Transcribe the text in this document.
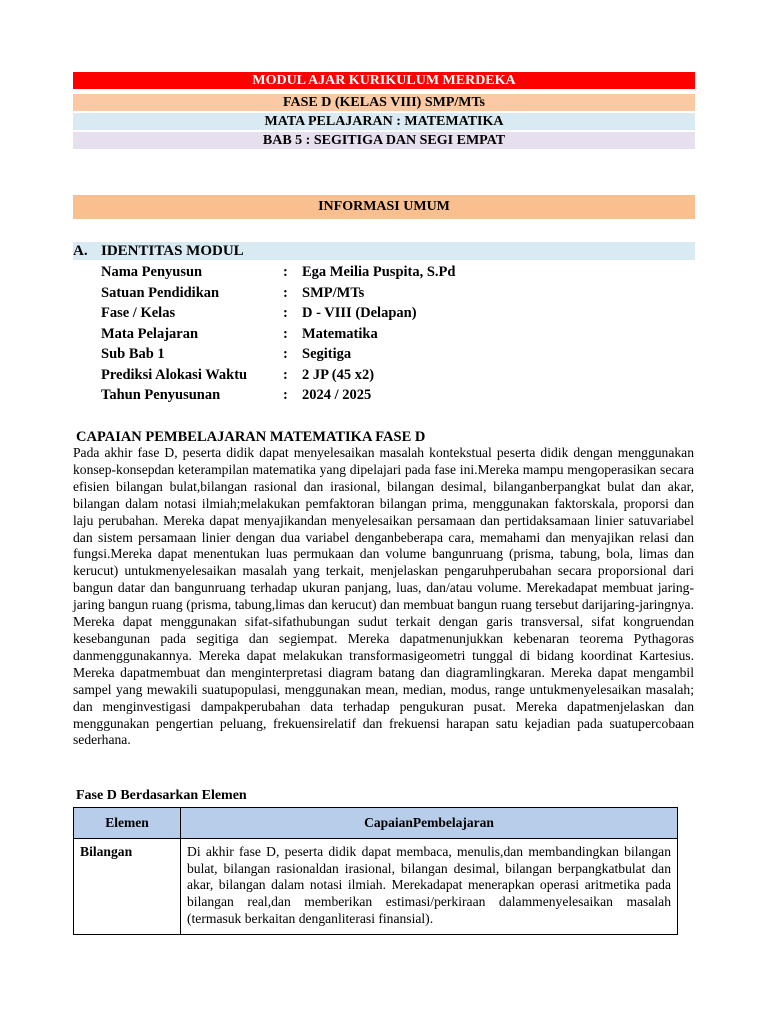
MODUL AJAR KURIKULUM MERDEKA
FASE D (KELAS VIII) SMP/MTs
MATA PELAJARAN : MATEMATIKA
BAB 5 : SEGITIGA DAN SEGI EMPAT
INFORMASI UMUM
A. IDENTITAS MODUL
Nama Penyusun	: Ega Meilia Puspita, S.Pd
Satuan Pendidikan	: SMP/MTs
Fase / Kelas	: D - VIII (Delapan)
Mata Pelajaran	: Matematika
Sub Bab 1	: Segitiga
Prediksi Alokasi Waktu : 2 JP (45 x2)
Tahun Penyusunan	: 2024 / 2025
CAPAIAN PEMBELAJARAN MATEMATIKA FASE D
Pada akhir fase D, peserta didik dapat menyelesaikan masalah kontekstual peserta didik dengan menggunakan konsep-konsepdan keterampilan matematika yang dipelajari pada fase ini.Mereka mampu mengoperasikan secara efisien bilangan bulat,bilangan rasional dan irasional, bilangan desimal, bilanganberpangkat bulat dan akar, bilangan dalam notasi ilmiah;melakukan pemfaktoran bilangan prima, menggunakan faktorskala, proporsi dan laju perubahan. Mereka dapat menyajikandan menyelesaikan persamaan dan pertidaksamaan linier satuvariabel dan sistem persamaan linier dengan dua variabel denganbeberapa cara, memahami dan menyajikan relasi dan fungsi.Mereka dapat menentukan luas permukaan dan volume bangunruang (prisma, tabung, bola, limas dan kerucut) untukmenyelesaikan masalah yang terkait, menjelaskan pengaruhperubahan secara proporsional dari bangun datar dan bangunruang terhadap ukuran panjang, luas, dan/atau volume. Merekadapat membuat jaring-jaring bangun ruang (prisma, tabung,limas dan kerucut) dan membuat bangun ruang tersebut darijaring-jaringnya. Mereka dapat menggunakan sifat-sifathubungan sudut terkait dengan garis transversal, sifat kongruendan kesebangunan pada segitiga dan segiempat. Mereka dapatmenunjukkan kebenaran teorema Pythagoras danmenggunakannya. Mereka dapat melakukan transformasigeometri tunggal di bidang koordinat Kartesius. Mereka dapatmembuat dan menginterpretasi diagram batang dan diagramlingkaran. Mereka dapat mengambil sampel yang mewakili suatupopulasi, menggunakan mean, median, modus, range untukmenyelesaikan masalah; dan menginvestigasi dampakperubahan data terhadap pengukuran pusat. Mereka dapatmenjelaskan dan menggunakan pengertian peluang, frekuensirelatif dan frekuensi harapan satu kejadian pada suatupercobaan sederhana.
Fase D Berdasarkan Elemen
Elemen	CapaianPembelajaran
Bilangan	Di akhir fase D, peserta didik dapat membaca, menulis,dan membandingkan bilangan bulat, bilangan rasionaldan irasional, bilangan desimal, bilangan berpangkatbulat dan akar, bilangan dalam notasi ilmiah. Merekadapat menerapkan operasi aritmetika pada bilangan real,dan memberikan estimasi/perkiraan dalammenyelesaikan masalah (termasuk berkaitan denganliterasi finansial).
